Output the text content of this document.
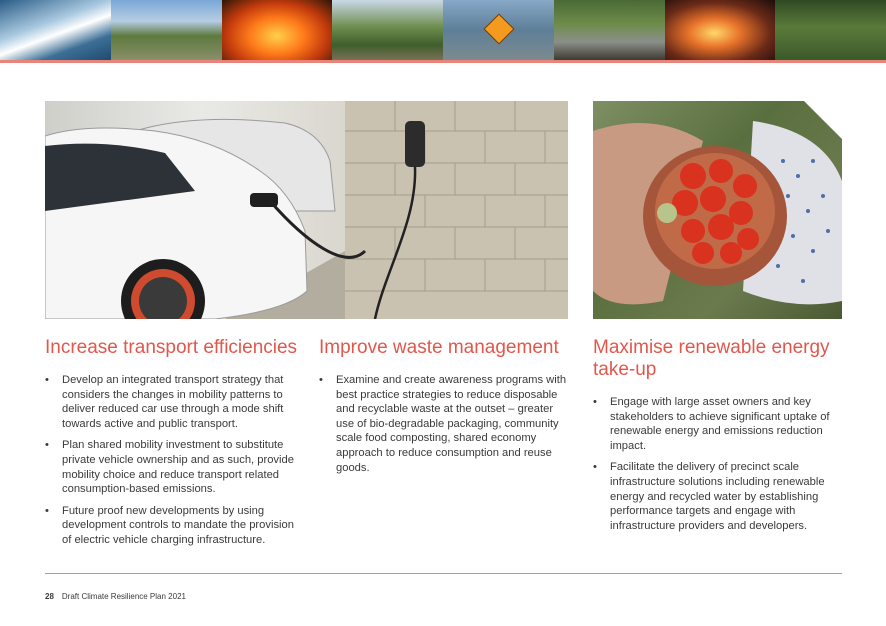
Increase transport efficiencies
• Develop an integrated transport strategy that considers the changes in mobility patterns to deliver reduced car use through a mode shift towards active and public transport.
• Plan shared mobility investment to substitute private vehicle ownership and as such, provide mobility choice and reduce transport related consumption-based emissions.
• Future proof new developments by using development controls to mandate the provision of electric vehicle charging infrastructure.
Improve waste management
• Examine and create awareness programs with best practice strategies to reduce disposable and recyclable waste at the outset – greater use of bio-degradable packaging, community scale food composting, shared economy approach to reduce consumption and reuse goods.
Maximise renewable energy take-up
• Engage with large asset owners and key stakeholders to achieve significant uptake of renewable energy and emissions reduction impact.
• Facilitate the delivery of precinct scale infrastructure solutions including renewable energy and recycled water by establishing performance targets and engage with infrastructure providers and developers.
28 Draft Climate Resilience Plan 2021
